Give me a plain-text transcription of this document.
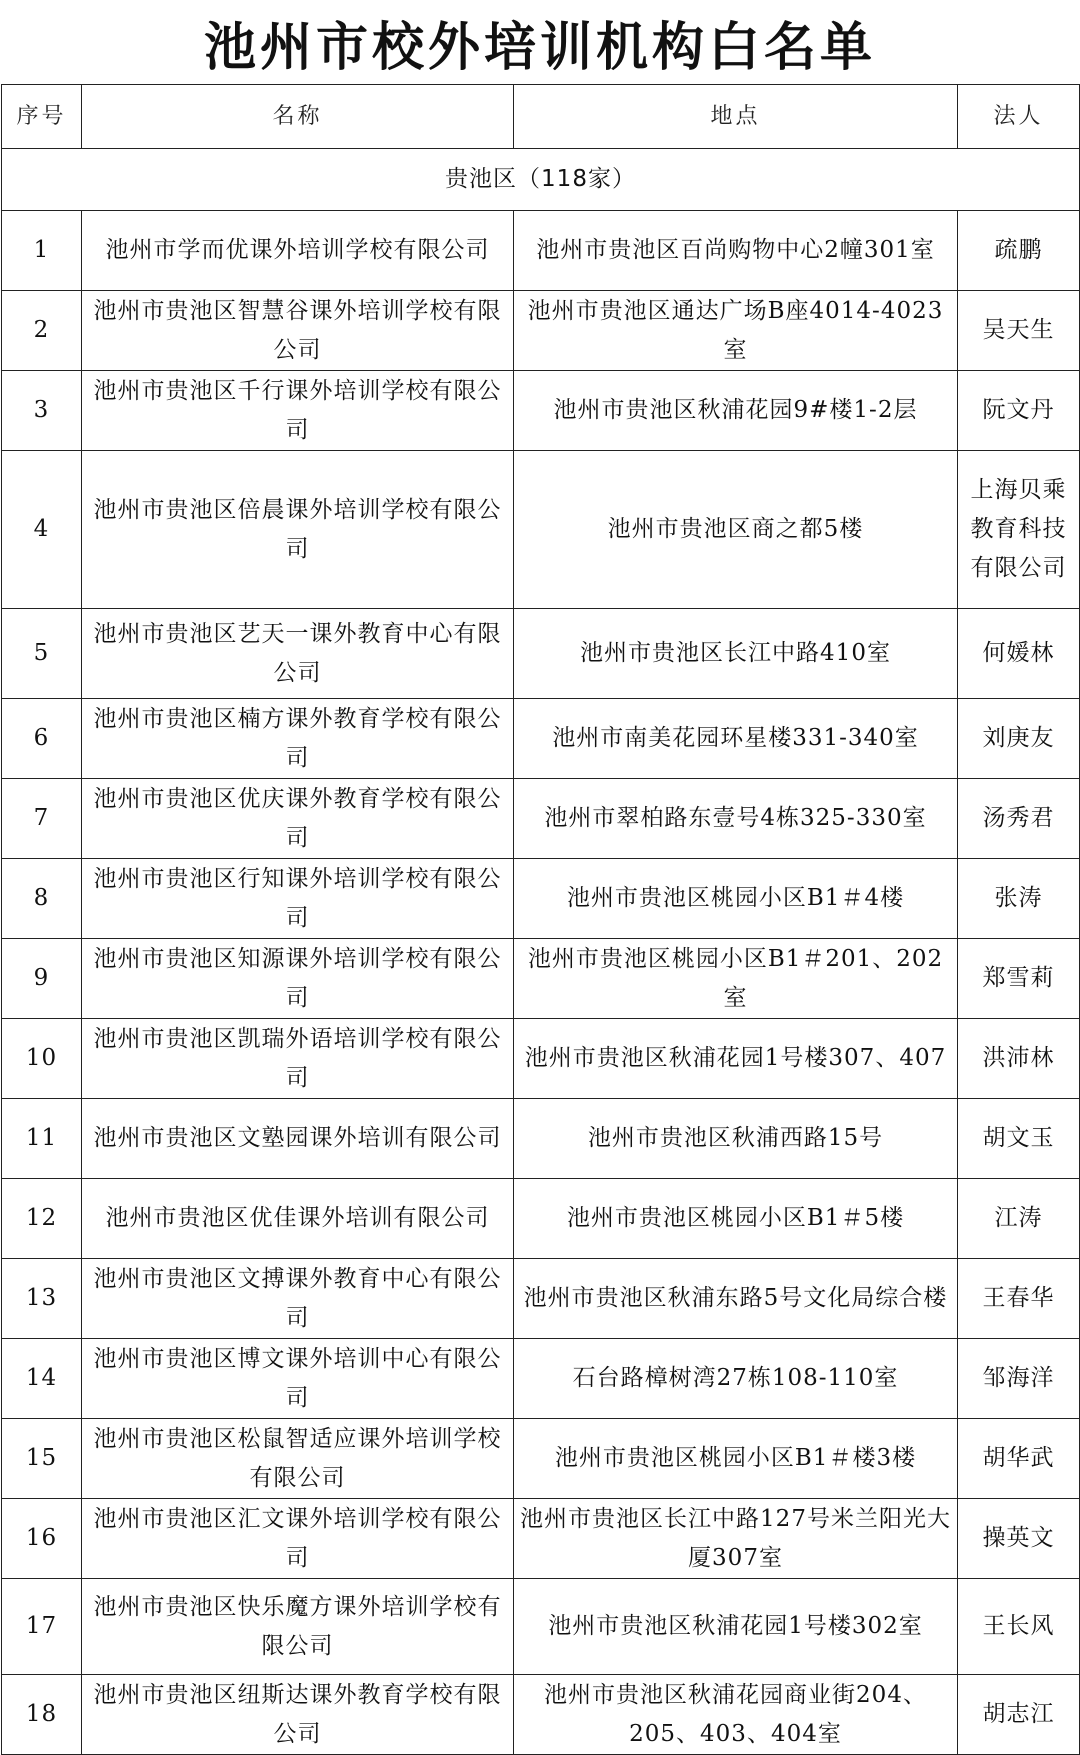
池州市校外培训机构白名单
序号	名称	地点	法人
贵池区（118家）			
1	池州市学而优课外培训学校有限公司	池州市贵池区百尚购物中心2幢301室	疏鹏
2	池州市贵池区智慧谷课外培训学校有限公司	池州市贵池区通达广场B座4014-4023室	吴天生
3	池州市贵池区千行课外培训学校有限公司	池州市贵池区秋浦花园9#楼1-2层	阮文丹
4	池州市贵池区倍晨课外培训学校有限公司	池州市贵池区商之都5楼	上海贝乘教育科技有限公司
5	池州市贵池区艺天一课外教育中心有限公司	池州市贵池区长江中路410室	何媛林
6	池州市贵池区楠方课外教育学校有限公司	池州市南美花园环星楼331-340室	刘庚友
7	池州市贵池区优庆课外教育学校有限公司	池州市翠柏路东壹号4栋325-330室	汤秀君
8	池州市贵池区行知课外培训学校有限公司	池州市贵池区桃园小区B1＃4楼	张涛
9	池州市贵池区知源课外培训学校有限公司	池州市贵池区桃园小区B1＃201、202室	郑雪莉
10	池州市贵池区凯瑞外语培训学校有限公司	池州市贵池区秋浦花园1号楼307、407	洪沛林
11	池州市贵池区文塾园课外培训有限公司	池州市贵池区秋浦西路15号	胡文玉
12	池州市贵池区优佳课外培训有限公司	池州市贵池区桃园小区B1＃5楼	江涛
13	池州市贵池区文搏课外教育中心有限公司	池州市贵池区秋浦东路5号文化局综合楼	王春华
14	池州市贵池区博文课外培训中心有限公司	石台路樟树湾27栋108-110室	邹海洋
15	池州市贵池区松鼠智适应课外培训学校有限公司	池州市贵池区桃园小区B1＃楼3楼	胡华武
16	池州市贵池区汇文课外培训学校有限公司	池州市贵池区长江中路127号米兰阳光大厦307室	操英文
17	池州市贵池区快乐魔方课外培训学校有限公司	池州市贵池区秋浦花园1号楼302室	王长风
18	池州市贵池区纽斯达课外教育学校有限公司	池州市贵池区秋浦花园商业街204、205、403、404室	胡志江
